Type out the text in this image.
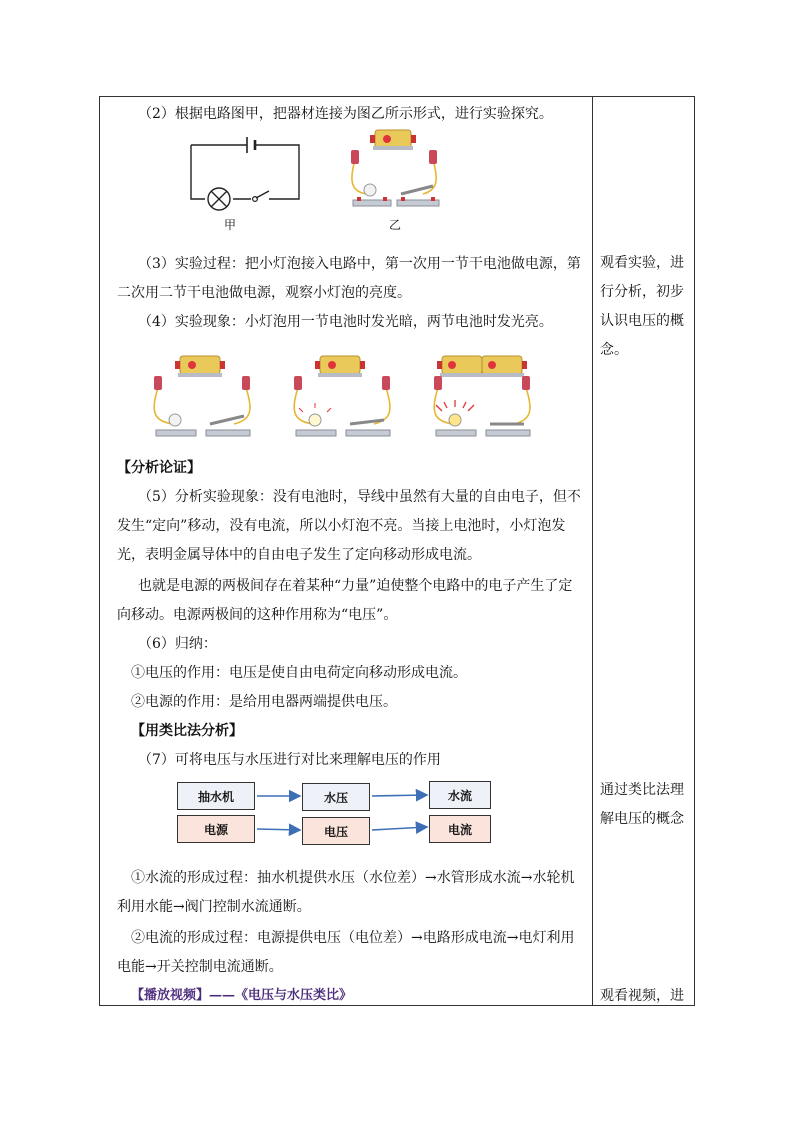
（2）根据电路图甲，把器材连接为图乙所示形式，进行实验探究。
甲	乙
（3）实验过程：把小灯泡接入电路中，第一次用一节干电池做电源，第
二次用二节干电池做电源，观察小灯泡的亮度。
（4）实验现象：小灯泡用一节电池时发光暗，两节电池时发光亮。
【分析论证】
（5）分析实验现象：没有电池时，导线中虽然有大量的自由电子，但不
发生“定向”移动，没有电流，所以小灯泡不亮。当接上电池时，小灯泡发
光，表明金属导体中的自由电子发生了定向移动形成电流。
也就是电源的两极间存在着某种“力量”迫使整个电路中的电子产生了定
向移动。电源两极间的这种作用称为“电压”。
（6）归纳：
①电压的作用：电压是使自由电荷定向移动形成电流。
②电源的作用：是给用电器两端提供电压。
【用类比法分析】
（7）可将电压与水压进行对比来理解电压的作用
抽水机	水压	水流
电源	电压	电流
①水流的形成过程：抽水机提供水压（水位差）→水管形成水流→水轮机
利用水能→阀门控制水流通断。
②电流的形成过程：电源提供电压（电位差）→电路形成电流→电灯利用
电能→开关控制电流通断。
【播放视频】——《电压与水压类比》
观看实验，进
行分析，初步
认识电压的概
念。
通过类比法理
解电压的概念
观看视频，进
